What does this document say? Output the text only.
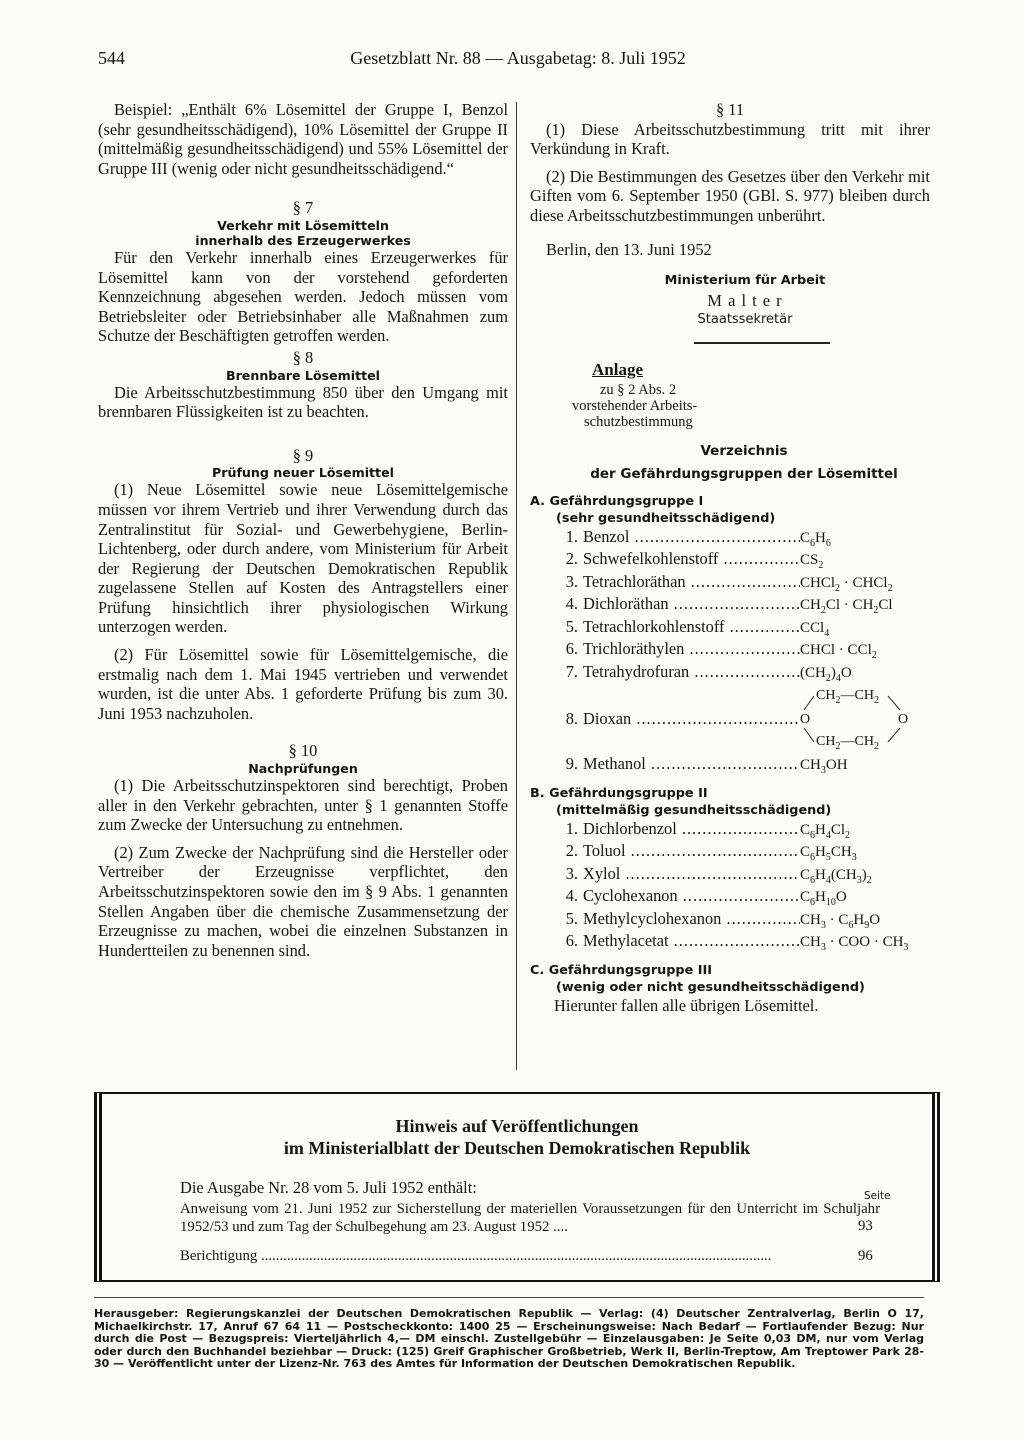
544	Gesetzblatt Nr. 88 — Ausgabetag: 8. Juli 1952

Beispiel: „Enthält 6% Lösemittel der Gruppe I, Benzol (sehr gesundheitsschädigend), 10% Lösemittel der Gruppe II (mittelmäßig gesundheitsschädigend) und 55% Lösemittel der Gruppe III (wenig oder nicht gesundheitsschädigend.“

§ 7
Verkehr mit Lösemitteln
innerhalb des Erzeugerwerkes

Für den Verkehr innerhalb eines Erzeugerwerkes für Lösemittel kann von der vorstehend geforderten Kennzeichnung abgesehen werden. Jedoch müssen vom Betriebsleiter oder Betriebsinhaber alle Maßnahmen zum Schutze der Beschäftigten getroffen werden.

§ 8
Brennbare Lösemittel

Die Arbeitsschutzbestimmung 850 über den Umgang mit brennbaren Flüssigkeiten ist zu beachten.

§ 9
Prüfung neuer Lösemittel

(1) Neue Lösemittel sowie neue Lösemittelgemische müssen vor ihrem Vertrieb und ihrer Verwendung durch das Zentralinstitut für Sozial- und Gewerbehygiene, Berlin-Lichtenberg, oder durch andere, vom Ministerium für Arbeit der Regierung der Deutschen Demokratischen Republik zugelassene Stellen auf Kosten des Antragstellers einer Prüfung hinsichtlich ihrer physiologischen Wirkung unterzogen werden.

(2) Für Lösemittel sowie für Lösemittelgemische, die erstmalig nach dem 1. Mai 1945 vertrieben und verwendet wurden, ist die unter Abs. 1 geforderte Prüfung bis zum 30. Juni 1953 nachzuholen.

§ 10
Nachprüfungen

(1) Die Arbeitsschutzinspektoren sind berechtigt, Proben aller in den Verkehr gebrachten, unter § 1 genannten Stoffe zum Zwecke der Untersuchung zu entnehmen.

(2) Zum Zwecke der Nachprüfung sind die Hersteller oder Vertreiber der Erzeugnisse verpflichtet, den Arbeitsschutzinspektoren sowie den im § 9 Abs. 1 genannten Stellen Angaben über die chemische Zusammensetzung der Erzeugnisse zu machen, wobei die einzelnen Substanzen in Hundertteilen zu benennen sind.

§ 11

(1) Diese Arbeitsschutzbestimmung tritt mit ihrer Verkündung in Kraft.

(2) Die Bestimmungen des Gesetzes über den Verkehr mit Giften vom 6. September 1950 (GBl. S. 977) bleiben durch diese Arbeitsschutzbestimmungen unberührt.

Berlin, den 13. Juni 1952
Ministerium für Arbeit
M a l t e r
Staatssekretär
Anlage
zu § 2 Abs. 2
vorstehender Arbeits-
schutzbestimmung
Verzeichnis
der Gefährdungsgruppen der Lösemittel
A. Gefährdungsgruppe I
(sehr gesundheitsschädigend)
1. Benzol .....	$C_6H_6$
2. Schwefelkohlenstoff .....	$CS_2$
3. Tetrachloräthan .....	CHCl$_2$ · CHCl$_2$
4. Dichloräthan .....	$CH_2Cl \cdot CH_2Cl$
5. Tetrachlorkohlenstoff .....	CCl$_4$
6. Trichloräthylen .....	CHCl · CCl$_2$
7. Tetrahydrofuran .....	$(CH_2)_4O$
8. Dioxan .....
$CH_2—CH_2$
O	O
$CH_2—CH_2$
9. Methanol .....	$CH_3OH$
B. Gefährdungsgruppe II
(mittelmäßig gesundheitsschädigend)
1. Dichlorbenzol .....	$C_6H_4Cl_2$
2. Toluol .....	$C_6H_5CH_3$
3. Xylol .....	$C_6H_4(CH_3)_2$
4. Cyclohexanon .....	$C_6H_{10}O$
5. Methylcyclohexanon .....	$CH_3 \cdot C_6H_9O$
6. Methylacetat .....	$CH_3$ · COO · $CH_3$
C. Gefährdungsgruppe III
(wenig oder nicht gesundheitsschädigend)
Hierunter fallen alle übrigen Lösemittel.
Hinweis auf Veröffentlichungen
im Ministerialblatt der Deutschen Demokratischen Republik
Die Ausgabe Nr. 28 vom 5. Juli 1952 enthält:	Seite
Anweisung vom 21. Juni 1952 zur Sicherstellung der materiellen Voraussetzungen für den Unterricht im Schuljahr 1952/53 und zum Tag der Schulbegehung am 23. August 1952 ....	93
Berichtigung ..........................................................................................................................................	96
Herausgeber: Regierungskanzlei der Deutschen Demokratischen Republik — Verlag: (4) Deutscher Zentralverlag, Berlin O 17, Michaelkirchstr. 17, Anruf 67 64 11 — Postscheckkonto: 1400 25 — Erscheinungsweise: Nach Bedarf — Fortlaufender Bezug: Nur durch die Post — Bezugspreis: Vierteljährlich 4,— DM einschl. Zustellgebühr — Einzelausgaben: Je Seite 0,03 DM, nur vom Verlag oder durch den Buchhandel beziehbar — Druck: (125) Greif Graphischer Großbetrieb, Werk II, Berlin-Treptow, Am Treptower Park 28-30 — Veröffentlicht unter der Lizenz-Nr. 763 des Amtes für Information der Deutschen Demokratischen Republik.
